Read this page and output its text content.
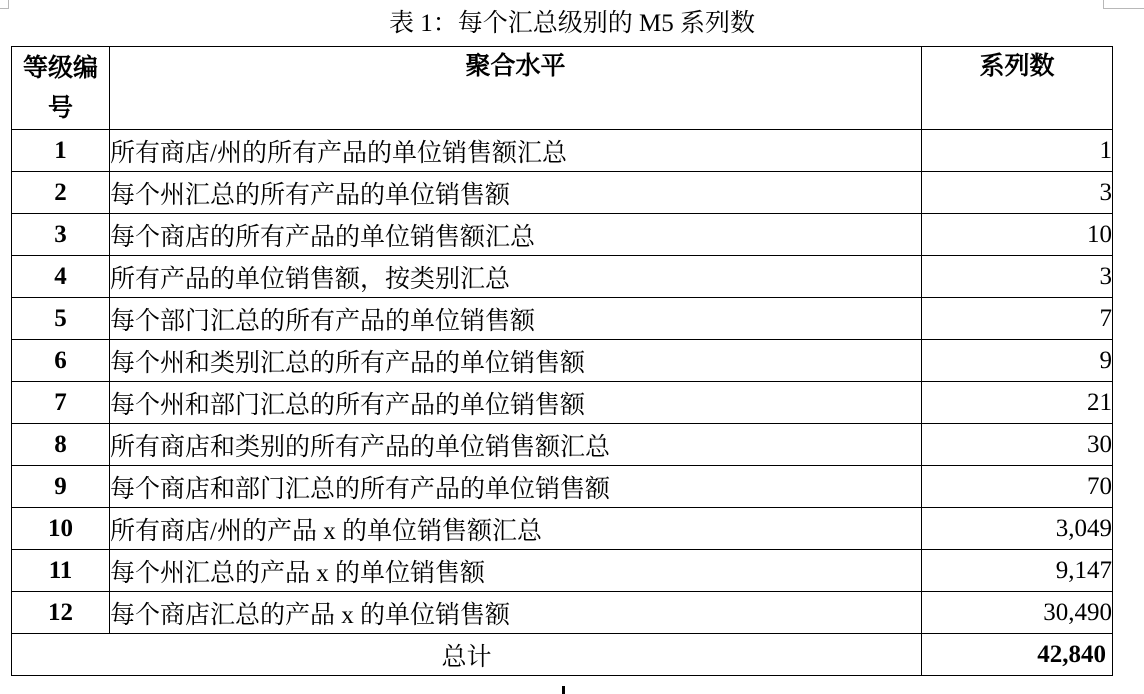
表 1：每个汇总级别的 M5 系列数
等级编号	聚合水平	系列数
1	所有商店/州的所有产品的单位销售额汇总	1
2	每个州汇总的所有产品的单位销售额	3
3	每个商店的所有产品的单位销售额汇总	10
4	所有产品的单位销售额，按类别汇总	3
5	每个部门汇总的所有产品的单位销售额	7
6	每个州和类别汇总的所有产品的单位销售额	9
7	每个州和部门汇总的所有产品的单位销售额	21
8	所有商店和类别的所有产品的单位销售额汇总	30
9	每个商店和部门汇总的所有产品的单位销售额	70
10	所有商店/州的产品 x 的单位销售额汇总	3,049
11	每个州汇总的产品 x 的单位销售额	9,147
12	每个商店汇总的产品 x 的单位销售额	30,490
总计		42,840
